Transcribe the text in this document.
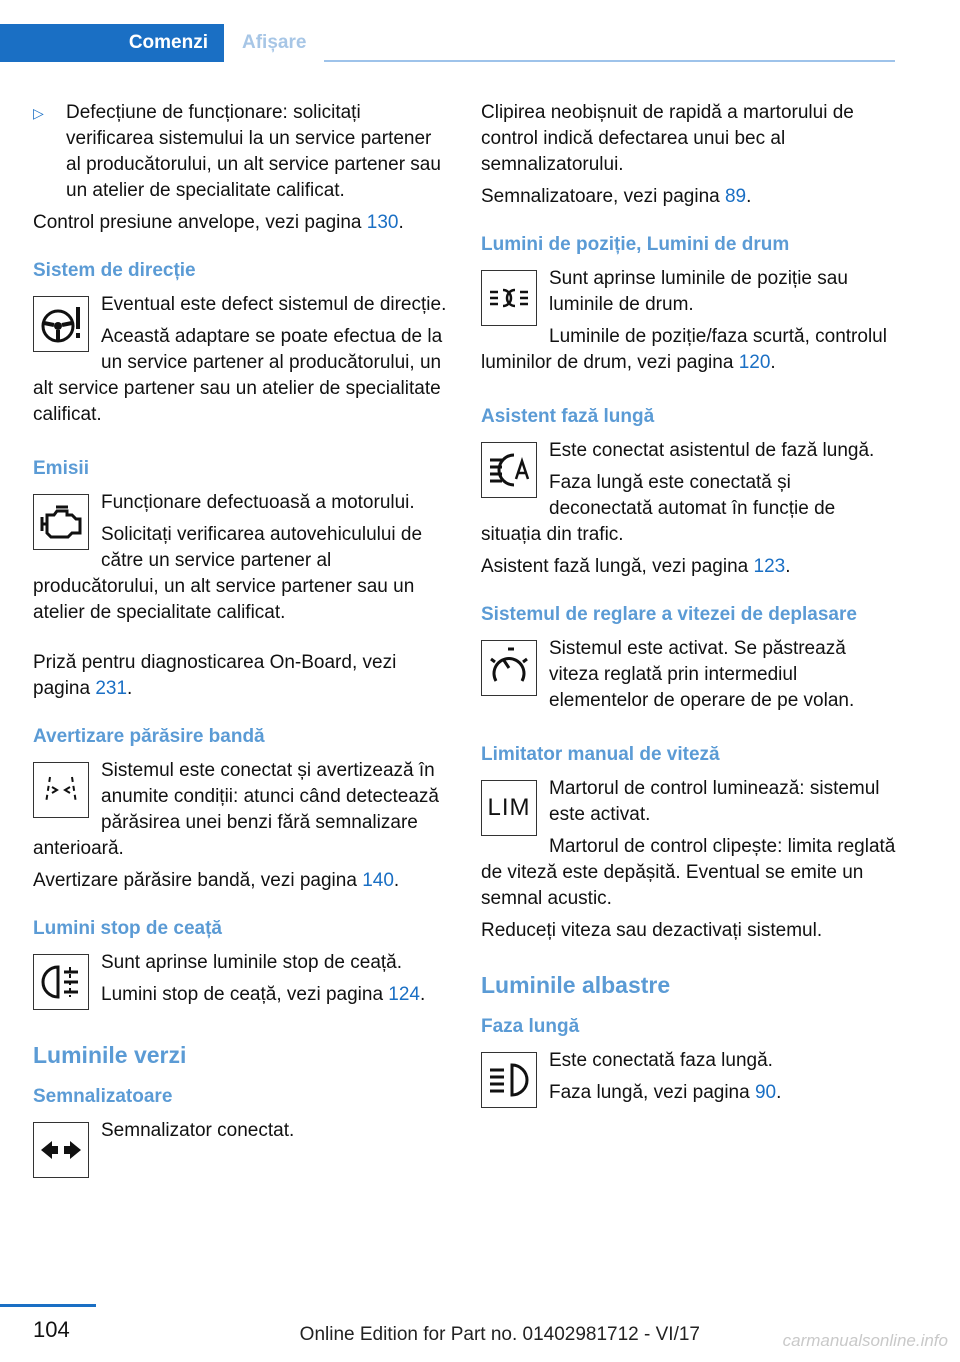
Comenzi	Afișare
▷ Defecțiune de funcționare: solicitați verificarea sistemului la un service partener al producătorului, un alt service partener sau un atelier de specialitate calificat.

Control presiune anvelope, vezi pagina 130.

Sistem de direcție

Eventual este defect sistemul de direcție.

Această adaptare se poate efectua de la un service partener al producătorului, un alt service partener sau un atelier de specialitate calificat.

Emisii

Funcționare defectuoasă a motorului.

Solicitați verificarea autovehiculului de către un service partener al producătorului, un alt service partener sau un atelier de specialitate calificat.

Priză pentru diagnosticarea On-Board, vezi pagina 231.

Avertizare părăsire bandă

Sistemul este conectat și avertizează în anumite condiții: atunci când detectează părăsirea unei benzi fără semnalizare anterioară.

Avertizare părăsire bandă, vezi pagina 140.

Lumini stop de ceață

Sunt aprinse luminile stop de ceață.

Lumini stop de ceață, vezi pagina 124.

Luminile verzi
Semnalizatoare

Semnalizator conectat.

Clipirea neobișnuit de rapidă a martorului de control indică defectarea unui bec al semnalizatorului.

Semnalizatoare, vezi pagina 89.

Lumini de poziție, Lumini de drum

Sunt aprinse luminile de poziție sau luminile de drum.

Luminile de poziție/faza scurtă, controlul luminilor de drum, vezi pagina 120.

Asistent fază lungă

Este conectat asistentul de fază lungă.

Faza lungă este conectată și deconectată automat în funcție de situația din trafic.

Asistent fază lungă, vezi pagina 123.

Sistemul de reglare a vitezei de deplasare

Sistemul este activat. Se păstrează viteza reglată prin intermediul elementelor de operare de pe volan.

Limitator manual de viteză
LIM

Martorul de control luminează: sistemul este activat.

Martorul de control clipește: limita reglată de viteză este depășită. Eventual se emite un semnal acustic.

Reduceți viteza sau dezactivați sistemul.

Luminile albastre
Faza lungă

Este conectată faza lungă.

Faza lungă, vezi pagina 90.

104	Online Edition for Part no. 01402981712 - VI/17	carmanualsonline.info
